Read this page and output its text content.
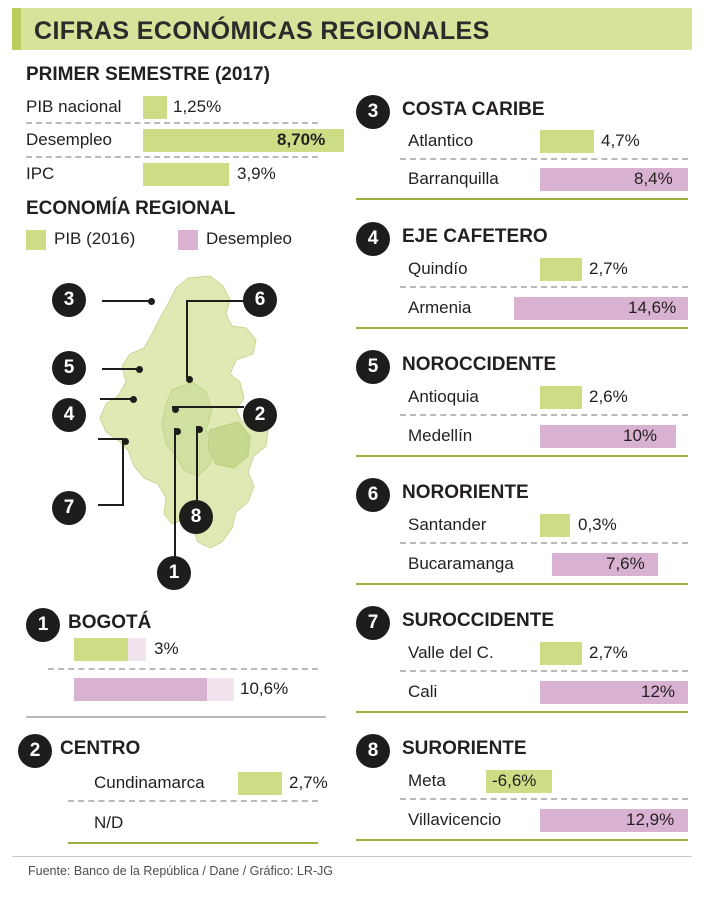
CIFRAS ECONÓMICAS REGIONALES
PRIMER SEMESTRE (2017)
PIB nacional	1,25%
Desempleo	8,70%
IPC	3,9%
ECONOMÍA REGIONAL
PIB (2016)	Desempleo
3
5
4
7
6
2
8
1
1	BOGOTÁ
3%
10,6%
2	CENTRO
Cundinamarca	2,7%
N/D
3	COSTA CARIBE
Atlantico	4,7%
Barranquilla	8,4%
4	EJE CAFETERO
Quindío	2,7%
Armenia	14,6%
5	NOROCCIDENTE
Antioquia	2,6%
Medellín	10%
6	NORORIENTE
Santander	0,3%
Bucaramanga	7,6%
7	SUROCCIDENTE
Valle del C.	2,7%
Cali	12%
8	SURORIENTE
Meta	-6,6%
Villavicencio	12,9%
Fuente: Banco de la República / Dane / Gráfico: LR-JG
